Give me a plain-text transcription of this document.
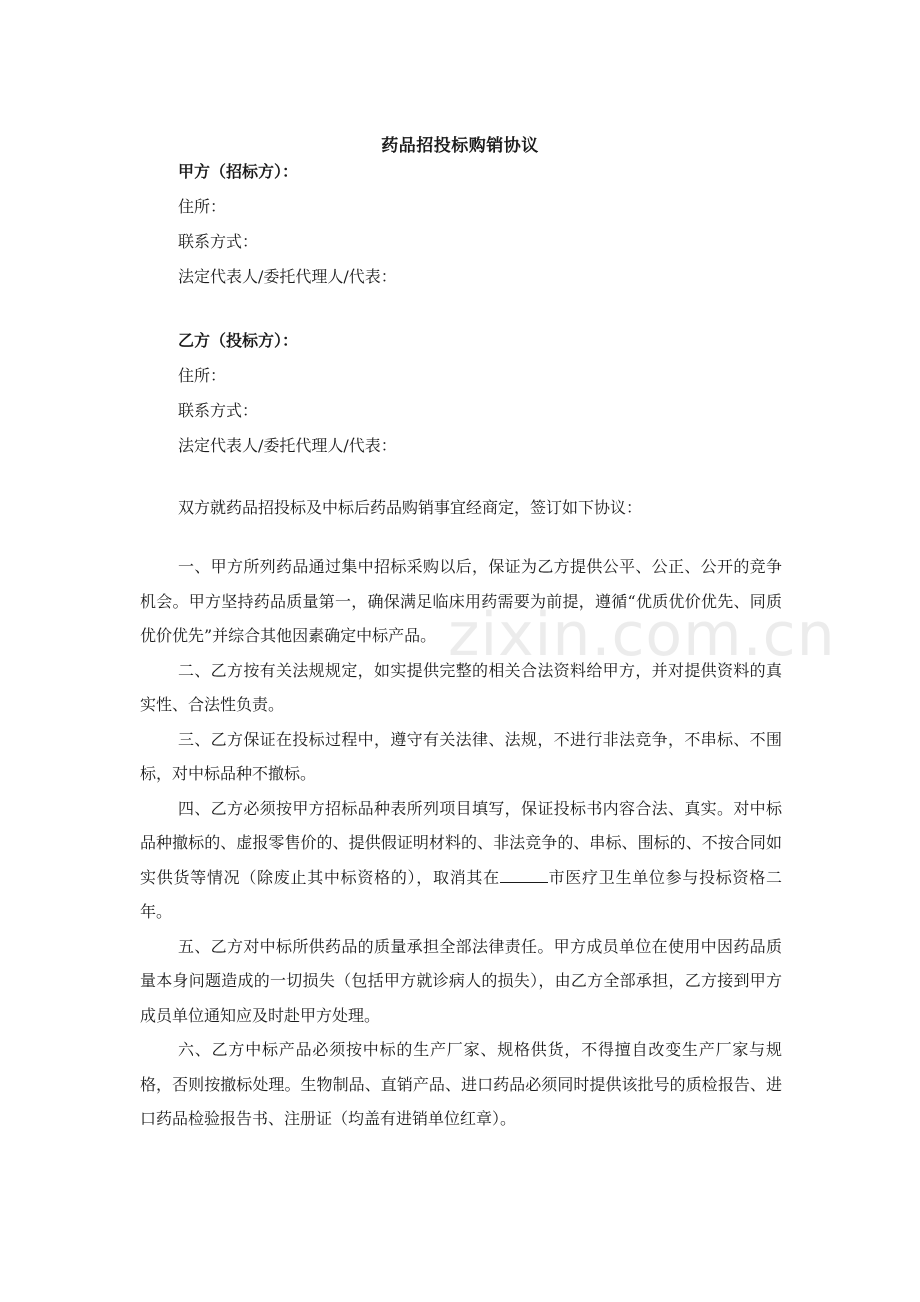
药品招投标购销协议
甲方（招标方）：
住所：
联系方式：
法定代表人/委托代理人/代表：
乙方（投标方）：
住所：
联系方式：
法定代表人/委托代理人/代表：
双方就药品招投标及中标后药品购销事宜经商定，签订如下协议：

一、甲方所列药品通过集中招标采购以后，保证为乙方提供公平、公正、公开的竞争机会。甲方坚持药品质量第一，确保满足临床用药需要为前提，遵循“优质优价优先、同质优价优先”并综合其他因素确定中标产品。

二、乙方按有关法规规定，如实提供完整的相关合法资料给甲方，并对提供资料的真实性、合法性负责。

三、乙方保证在投标过程中，遵守有关法律、法规，不进行非法竞争，不串标、不围标，对中标品种不撤标。

四、乙方必须按甲方招标品种表所列项目填写，保证投标书内容合法、真实。对中标品种撤标的、虚报零售价的、提供假证明材料的、非法竞争的、串标、围标的、不按合同如实供货等情况（除废止其中标资格的），取消其在	市医疗卫生单位参与投标资格二年。

五、乙方对中标所供药品的质量承担全部法律责任。甲方成员单位在使用中因药品质量本身问题造成的一切损失（包括甲方就诊病人的损失），由乙方全部承担，乙方接到甲方成员单位通知应及时赴甲方处理。

六、乙方中标产品必须按中标的生产厂家、规格供货，不得擅自改变生产厂家与规格，否则按撤标处理。生物制品、直销产品、进口药品必须同时提供该批号的质检报告、进口药品检验报告书、注册证（均盖有进销单位红章）。

zixin.com.cn
